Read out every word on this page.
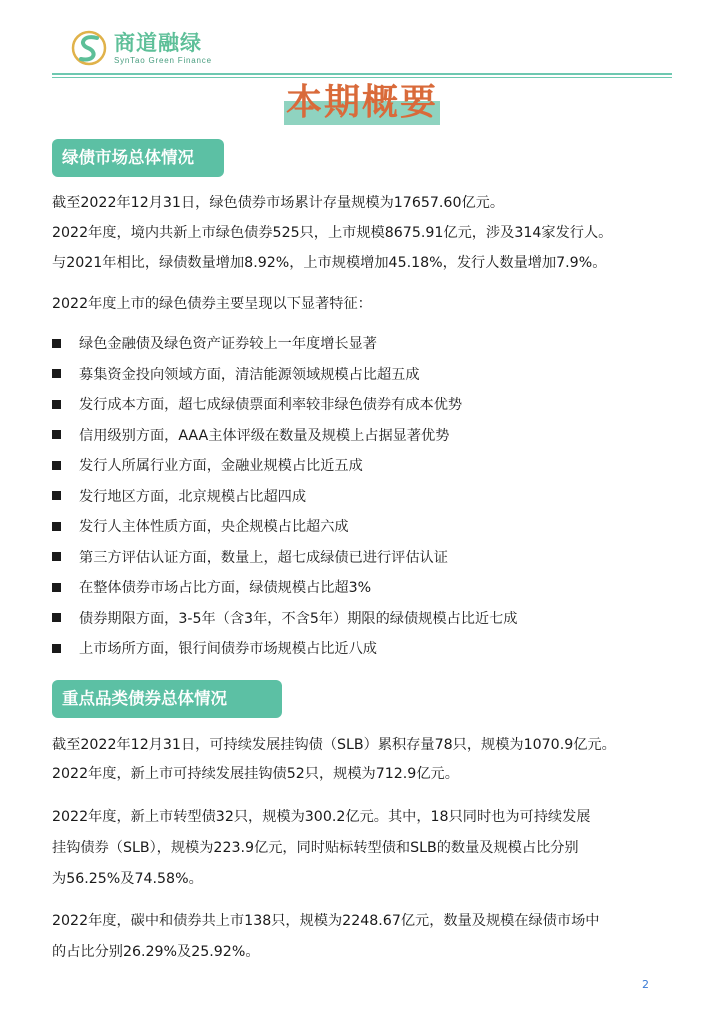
商道融绿
SynTao Green Finance
本期概要
绿债市场总体情况
截至2022年12月31日，绿色债券市场累计存量规模为17657.60亿元。
2022年度，境内共新上市绿色债券525只，上市规模8675.91亿元，涉及314家发行人。
与2021年相比，绿债数量增加8.92%，上市规模增加45.18%，发行人数量增加7.9%。
2022年度上市的绿色债券主要呈现以下显著特征：
绿色金融债及绿色资产证券较上一年度增长显著
募集资金投向领域方面，清洁能源领域规模占比超五成
发行成本方面，超七成绿债票面利率较非绿色债券有成本优势
信用级别方面，AAA主体评级在数量及规模上占据显著优势
发行人所属行业方面，金融业规模占比近五成
发行地区方面，北京规模占比超四成
发行人主体性质方面，央企规模占比超六成
第三方评估认证方面，数量上，超七成绿债已进行评估认证
在整体债券市场占比方面，绿债规模占比超3%
债券期限方面，3-5年（含3年，不含5年）期限的绿债规模占比近七成
上市场所方面，银行间债券市场规模占比近八成
重点品类债券总体情况
截至2022年12月31日，可持续发展挂钩债（SLB）累积存量78只，规模为1070.9亿元。
2022年度，新上市可持续发展挂钩债52只，规模为712.9亿元。
2022年度，新上市转型债32只，规模为300.2亿元。其中，18只同时也为可持续发展
挂钩债券（SLB），规模为223.9亿元，同时贴标转型债和SLB的数量及规模占比分别
为56.25%及74.58%。
2022年度，碳中和债券共上市138只，规模为2248.67亿元，数量及规模在绿债市场中
的占比分别26.29%及25.92%。
2
